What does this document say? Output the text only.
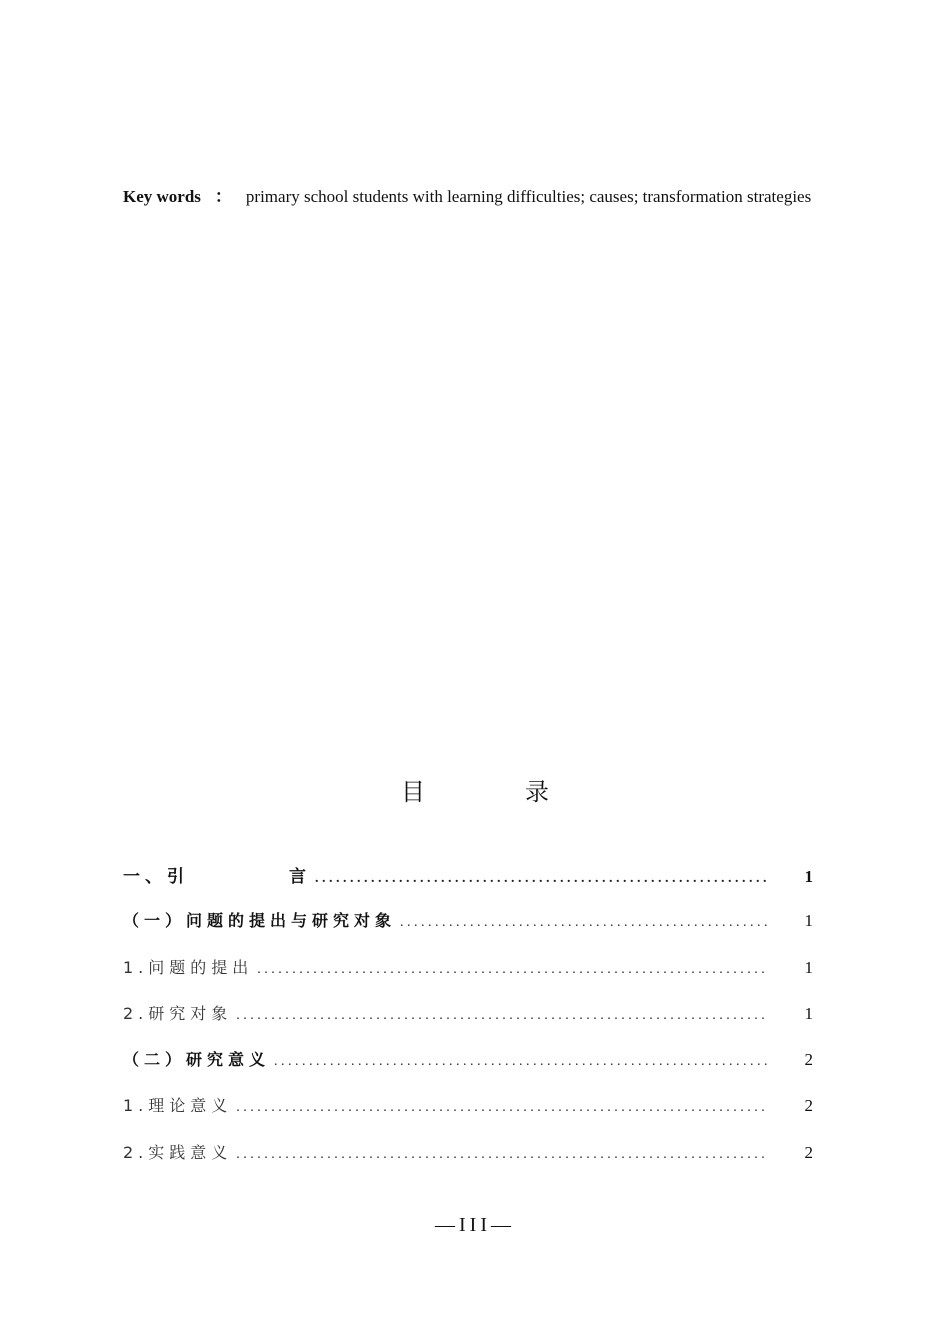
Key words ： primary school students with learning difficulties; causes; transformation strategies
目	录
一、引	言 . . .	1
（一）问题的提出与研究对象 . . .	1
1.问题的提出 . . .	1
2.研究对象 . . .	1
（二）研究意义 . . .	2
1.理论意义 . . .	2
2.实践意义 . . .	2
—III—
